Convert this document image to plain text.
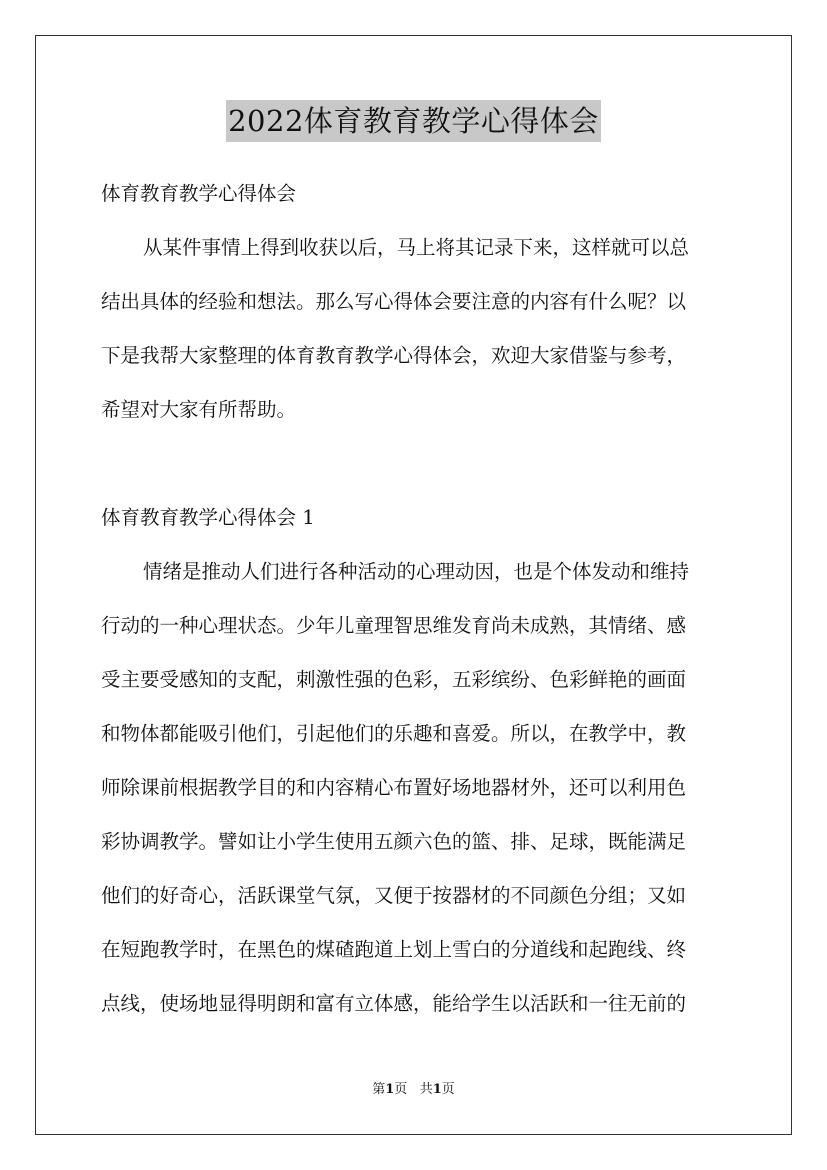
2022体育教育教学心得体会
体育教育教学心得体会
从某件事情上得到收获以后，马上将其记录下来，这样就可以总
结出具体的经验和想法。那么写心得体会要注意的内容有什么呢？以
下是我帮大家整理的体育教育教学心得体会，欢迎大家借鉴与参考，
希望对大家有所帮助。
体育教育教学心得体会 1
情绪是推动人们进行各种活动的心理动因，也是个体发动和维持
行动的一种心理状态。少年儿童理智思维发育尚未成熟，其情绪、感
受主要受感知的支配，刺激性强的色彩，五彩缤纷、色彩鲜艳的画面
和物体都能吸引他们，引起他们的乐趣和喜爱。所以，在教学中，教
师除课前根据教学目的和内容精心布置好场地器材外，还可以利用色
彩协调教学。譬如让小学生使用五颜六色的篮、排、足球，既能满足
他们的好奇心，活跃课堂气氛，又便于按器材的不同颜色分组；又如
在短跑教学时，在黑色的煤碴跑道上划上雪白的分道线和起跑线、终
点线，使场地显得明朗和富有立体感，能给学生以活跃和一往无前的
第1页 共1页
